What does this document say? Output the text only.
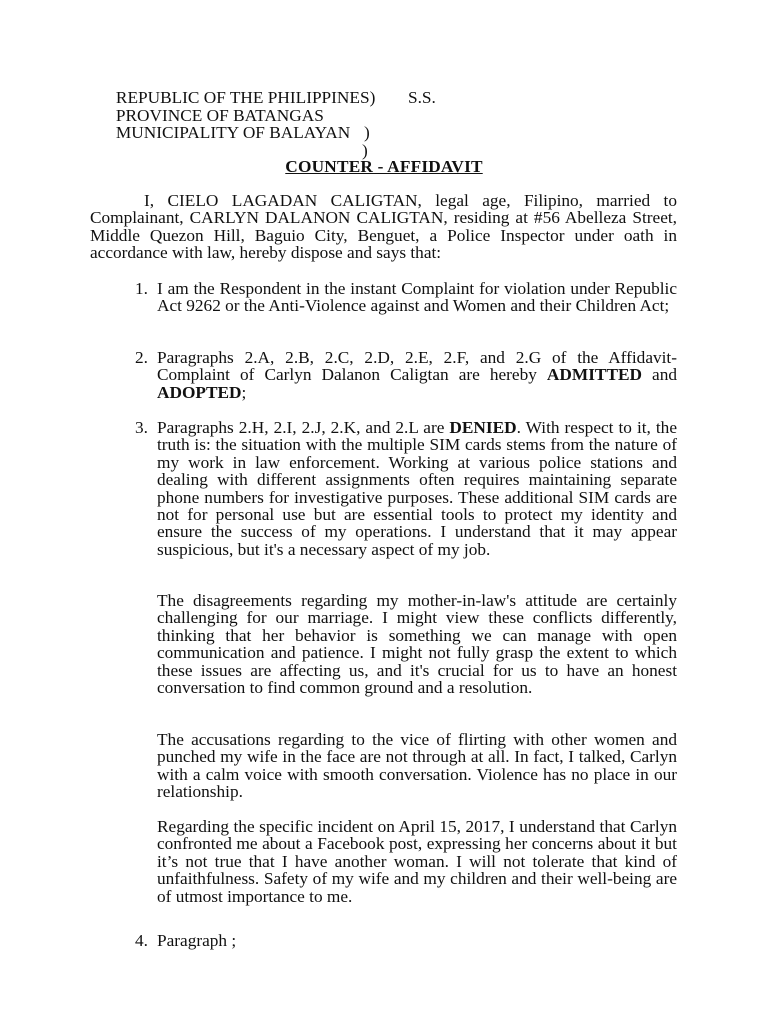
REPUBLIC OF THE PHILIPPINES)

PROVINCE OF BATANGAS

)

S.S.

MUNICIPALITY OF BALAYAN

)

COUNTER - AFFIDAVIT

I, CIELO LAGADAN CALIGTAN, legal age, Filipino, married to Complainant, CARLYN DALANON CALIGTAN, residing at #56 Abelleza Street, Middle Quezon Hill, Baguio City, Benguet, a Police Inspector under oath in accordance with law, hereby dispose and says that:

1. I am the Respondent in the instant Complaint for violation under Republic Act 9262 or the Anti-Violence against and Women and their Children Act;

2. Paragraphs 2.A, 2.B, 2.C, 2.D, 2.E, 2.F, and 2.G of the Affidavit-Complaint of Carlyn Dalanon Caligtan are hereby ADMITTED and ADOPTED;

3. Paragraphs 2.H, 2.I, 2.J, 2.K, and 2.L are DENIED. With respect to it, the truth is: the situation with the multiple SIM cards stems from the nature of my work in law enforcement. Working at various police stations and dealing with different assignments often requires maintaining separate phone numbers for investigative purposes. These additional SIM cards are not for personal use but are essential tools to protect my identity and ensure the success of my operations. I understand that it may appear suspicious, but it's a necessary aspect of my job.

The disagreements regarding my mother-in-law's attitude are certainly challenging for our marriage. I might view these conflicts differently, thinking that her behavior is something we can manage with open communication and patience. I might not fully grasp the extent to which these issues are affecting us, and it's crucial for us to have an honest conversation to find common ground and a resolution.

The accusations regarding to the vice of flirting with other women and punched my wife in the face are not through at all. In fact, I talked, Carlyn with a calm voice with smooth conversation. Violence has no place in our relationship.

Regarding the specific incident on April 15, 2017, I understand that Carlyn confronted me about a Facebook post, expressing her concerns about it but it’s not true that I have another woman. I will not tolerate that kind of unfaithfulness. Safety of my wife and my children and their well-being are of utmost importance to me.

4. Paragraph ;
